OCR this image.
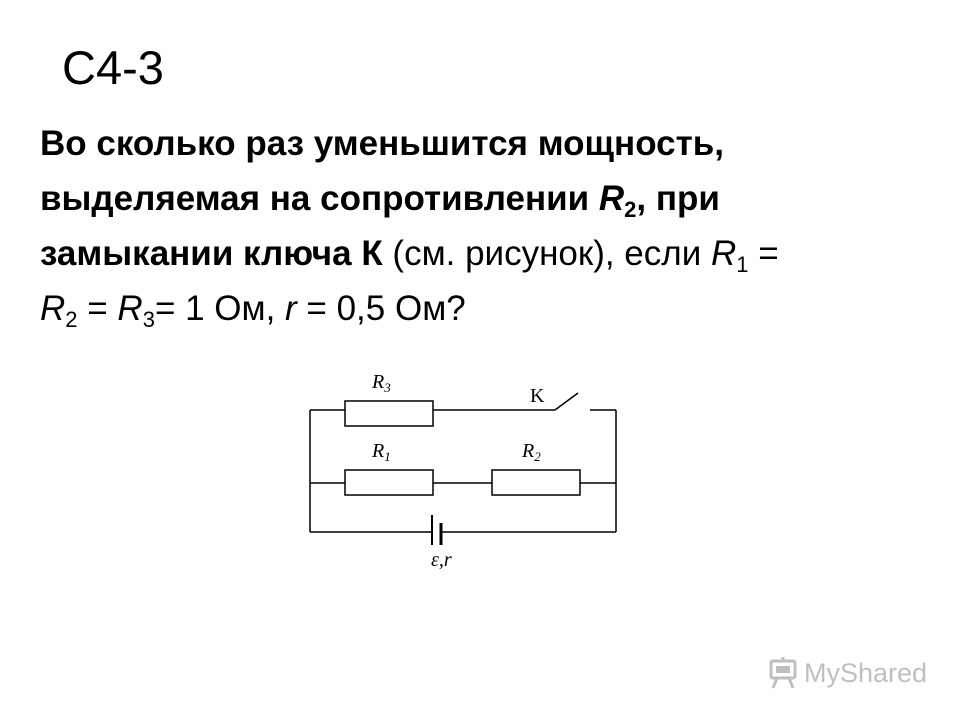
С4-3
Во сколько раз уменьшится мощность,
выделяемая на сопротивлении $R_2$, при
замыкании ключа К (см. рисунок), если $R_1$ =
$R_2 = R_3= 1$ Ом, r = 0,5 Ом?
$R_3$	K
$R_1$	$R_2$
ε,r
MyShared
